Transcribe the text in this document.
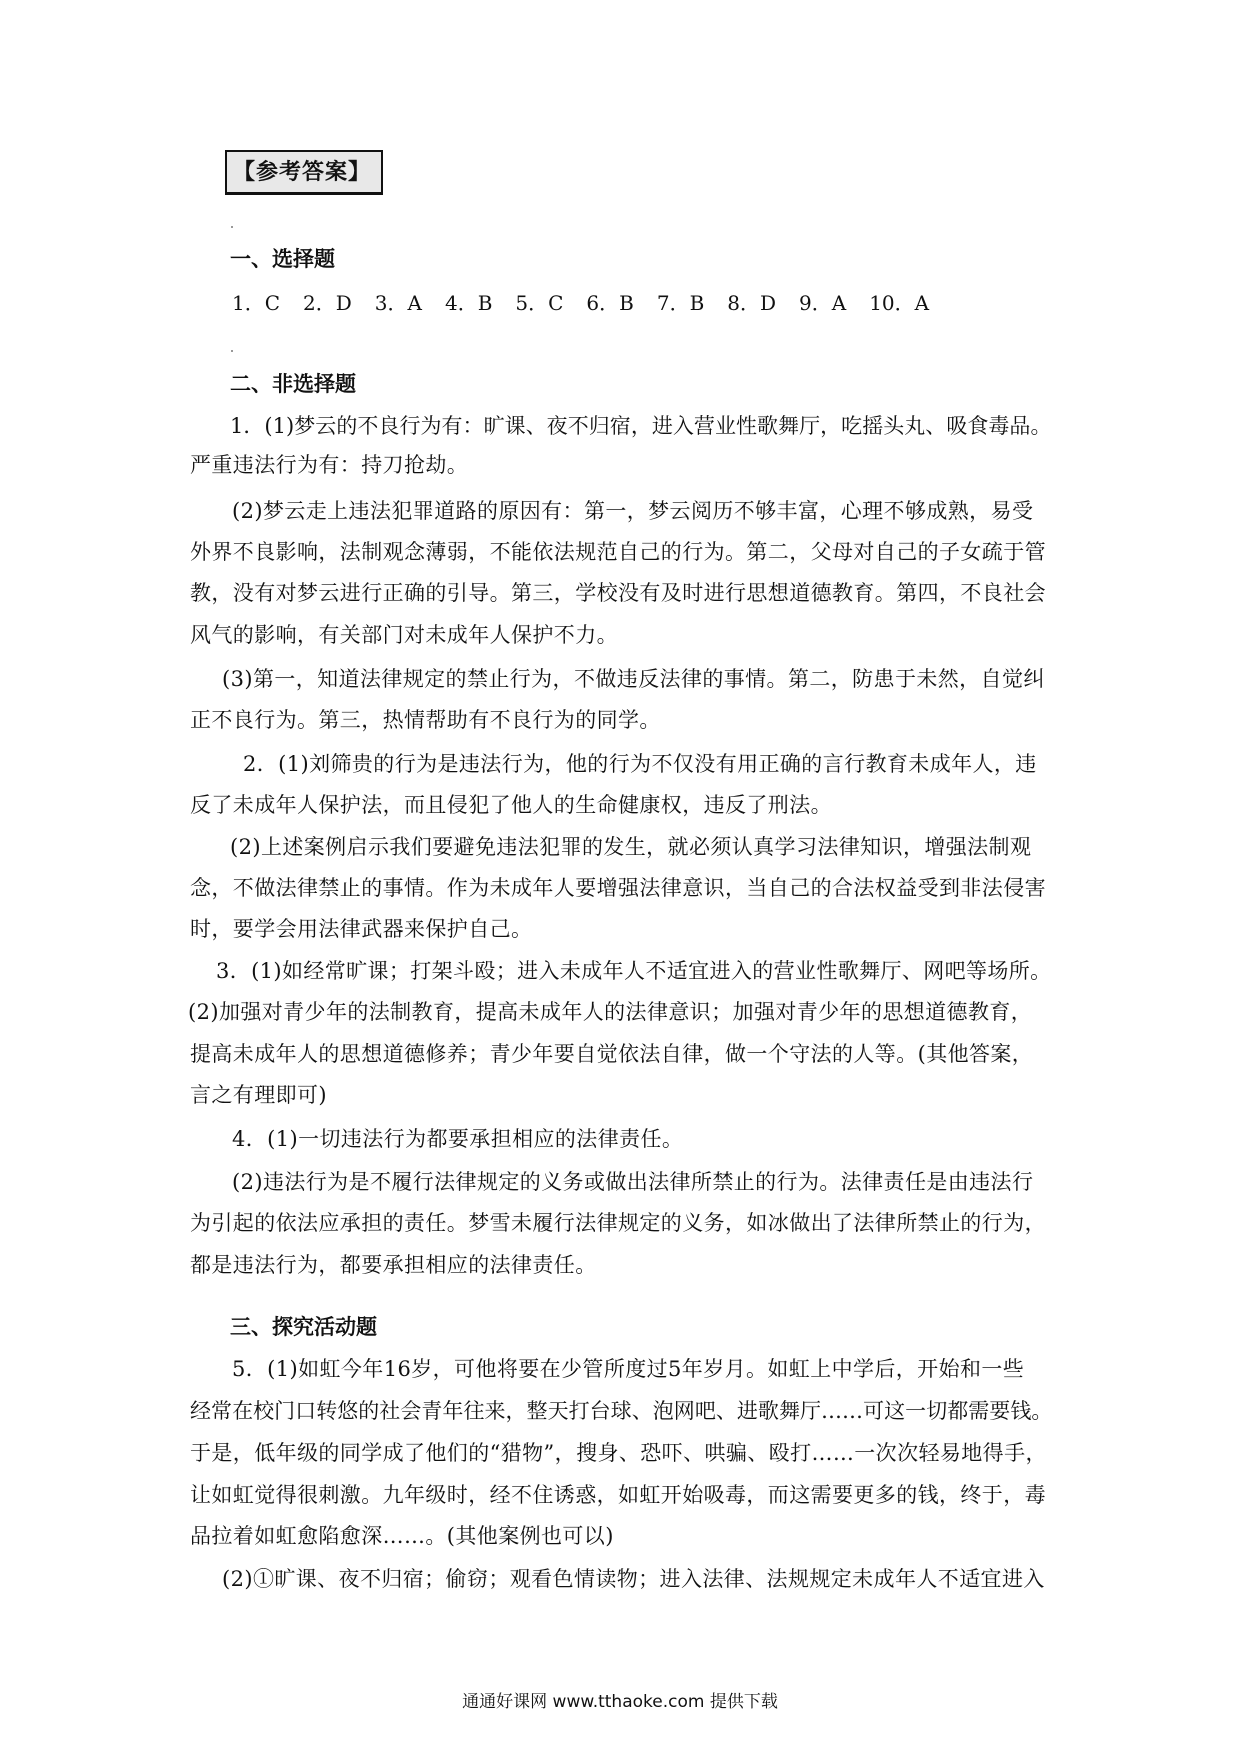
【参考答案】
一、选择题
1．C 2．D 3．A 4．B 5．C 6．B 7．B 8．D 9．A 10．A
二、非选择题
1．(1)梦云的不良行为有：旷课、夜不归宿，进入营业性歌舞厅，吃摇头丸、吸食毒品。
严重违法行为有：持刀抢劫。
(2)梦云走上违法犯罪道路的原因有：第一，梦云阅历不够丰富，心理不够成熟，易受
外界不良影响，法制观念薄弱，不能依法规范自己的行为。第二，父母对自己的子女疏于管
教，没有对梦云进行正确的引导。第三，学校没有及时进行思想道德教育。第四，不良社会
风气的影响，有关部门对未成年人保护不力。
(3)第一，知道法律规定的禁止行为，不做违反法律的事情。第二，防患于未然，自觉纠
正不良行为。第三，热情帮助有不良行为的同学。
2．(1)刘筛贵的行为是违法行为，他的行为不仅没有用正确的言行教育未成年人，违
反了未成年人保护法，而且侵犯了他人的生命健康权，违反了刑法。
(2)上述案例启示我们要避免违法犯罪的发生，就必须认真学习法律知识，增强法制观
念，不做法律禁止的事情。作为未成年人要增强法律意识，当自己的合法权益受到非法侵害
时，要学会用法律武器来保护自己。
3．(1)如经常旷课；打架斗殴；进入未成年人不适宜进入的营业性歌舞厅、网吧等场所。
(2)加强对青少年的法制教育，提高未成年人的法律意识；加强对青少年的思想道德教育，
提高未成年人的思想道德修养；青少年要自觉依法自律，做一个守法的人等。(其他答案，
言之有理即可)
4．(1)一切违法行为都要承担相应的法律责任。
(2)违法行为是不履行法律规定的义务或做出法律所禁止的行为。法律责任是由违法行
为引起的依法应承担的责任。梦雪未履行法律规定的义务，如冰做出了法律所禁止的行为，
都是违法行为，都要承担相应的法律责任。
三、探究活动题
5．(1)如虹今年16岁，可他将要在少管所度过5年岁月。如虹上中学后，开始和一些
经常在校门口转悠的社会青年往来，整天打台球、泡网吧、进歌舞厅……可这一切都需要钱。
于是，低年级的同学成了他们的“猎物”，搜身、恐吓、哄骗、殴打……一次次轻易地得手，
让如虹觉得很刺激。九年级时，经不住诱惑，如虹开始吸毒，而这需要更多的钱，终于，毒
品拉着如虹愈陷愈深……。(其他案例也可以)
(2)①旷课、夜不归宿；偷窃；观看色情读物；进入法律、法规规定未成年人不适宜进入
通通好课网 www.tthaoke.com 提供下载
